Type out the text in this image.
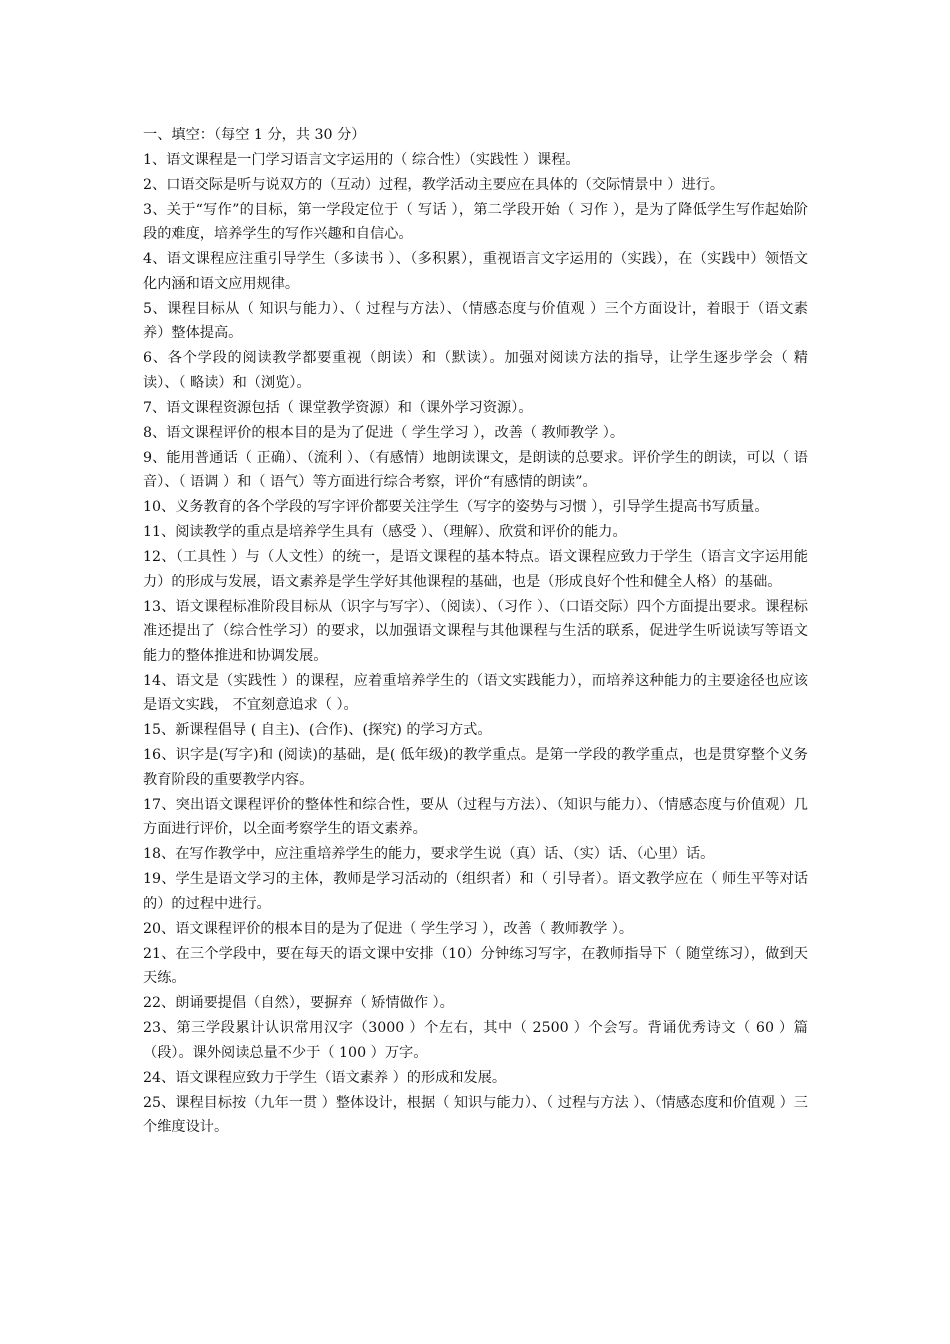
一、填空：（每空 1 分，共 30 分）

1、语文课程是一门学习语言文字运用的（ 综合性）（实践性 ）课程。

2、口语交际是听与说双方的（互动）过程，教学活动主要应在具体的（交际情景中 ）进行。

3、关于“写作”的目标，第一学段定位于（ 写话 ），第二学段开始（ 习作 ），是为了降低学生写作起始阶段的难度，培养学生的写作兴趣和自信心。

4、语文课程应注重引导学生（多读书 ）、（多积累），重视语言文字运用的（实践），在（实践中）领悟文化内涵和语文应用规律。

5、课程目标从（ 知识与能力）、（ 过程与方法）、（情感态度与价值观 ）三个方面设计，着眼于（语文素养）整体提高。

6、各个学段的阅读教学都要重视（朗读）和（默读）。加强对阅读方法的指导，让学生逐步学会（ 精读）、（ 略读）和（浏览）。

7、语文课程资源包括（ 课堂教学资源）和（课外学习资源）。

8、语文课程评价的根本目的是为了促进（ 学生学习 ），改善（ 教师教学 ）。

9、能用普通话（ 正确）、（流利 ）、（有感情）地朗读课文，是朗读的总要求。评价学生的朗读，可以（ 语音）、（ 语调 ）和（ 语气）等方面进行综合考察，评价“有感情的朗读”。

10、义务教育的各个学段的写字评价都要关注学生（写字的姿势与习惯 ），引导学生提高书写质量。

11、阅读教学的重点是培养学生具有（感受 ）、（理解）、欣赏和评价的能力。

12、（工具性 ）与（人文性）的统一，是语文课程的基本特点。语文课程应致力于学生（语言文字运用能力）的形成与发展，语文素养是学生学好其他课程的基础，也是（形成良好个性和健全人格）的基础。

13、语文课程标准阶段目标从（识字与写字）、（阅读）、（习作 ）、（口语交际）四个方面提出要求。课程标准还提出了（综合性学习）的要求，以加强语文课程与其他课程与生活的联系，促进学生听说读写等语文能力的整体推进和协调发展。

14、语文是（实践性 ）的课程，应着重培养学生的（语文实践能力），而培养这种能力的主要途径也应该是语文实践， 不宜刻意追求（ ）。

15、新课程倡导 ( 自主)、(合作)、(探究) 的学习方式。

16、识字是(写字)和 (阅读)的基础，是( 低年级)的教学重点。是第一学段的教学重点，也是贯穿整个义务教育阶段的重要教学内容。

17、突出语文课程评价的整体性和综合性，要从（过程与方法）、（知识与能力）、（情感态度与价值观）几方面进行评价，以全面考察学生的语文素养。

18、在写作教学中，应注重培养学生的能力，要求学生说（真）话、（实）话、（心里）话。

19、学生是语文学习的主体，教师是学习活动的（组织者）和（ 引导者）。语文教学应在（ 师生平等对话的）的过程中进行。

20、语文课程评价的根本目的是为了促进（ 学生学习 ），改善（ 教师教学 ）。

21、在三个学段中，要在每天的语文课中安排（10）分钟练习写字，在教师指导下（ 随堂练习），做到天天练。

22、朗诵要提倡（自然），要摒弃（ 矫情做作 ）。

23、第三学段累计认识常用汉字（3000 ）个左右，其中（ 2500 ）个会写。背诵优秀诗文（ 60 ）篇（段）。课外阅读总量不少于（ 100 ）万字。

24、语文课程应致力于学生（语文素养 ）的形成和发展。

25、课程目标按（九年一贯 ）整体设计，根据（ 知识与能力）、（ 过程与方法 ）、（情感态度和价值观 ）三个维度设计。
